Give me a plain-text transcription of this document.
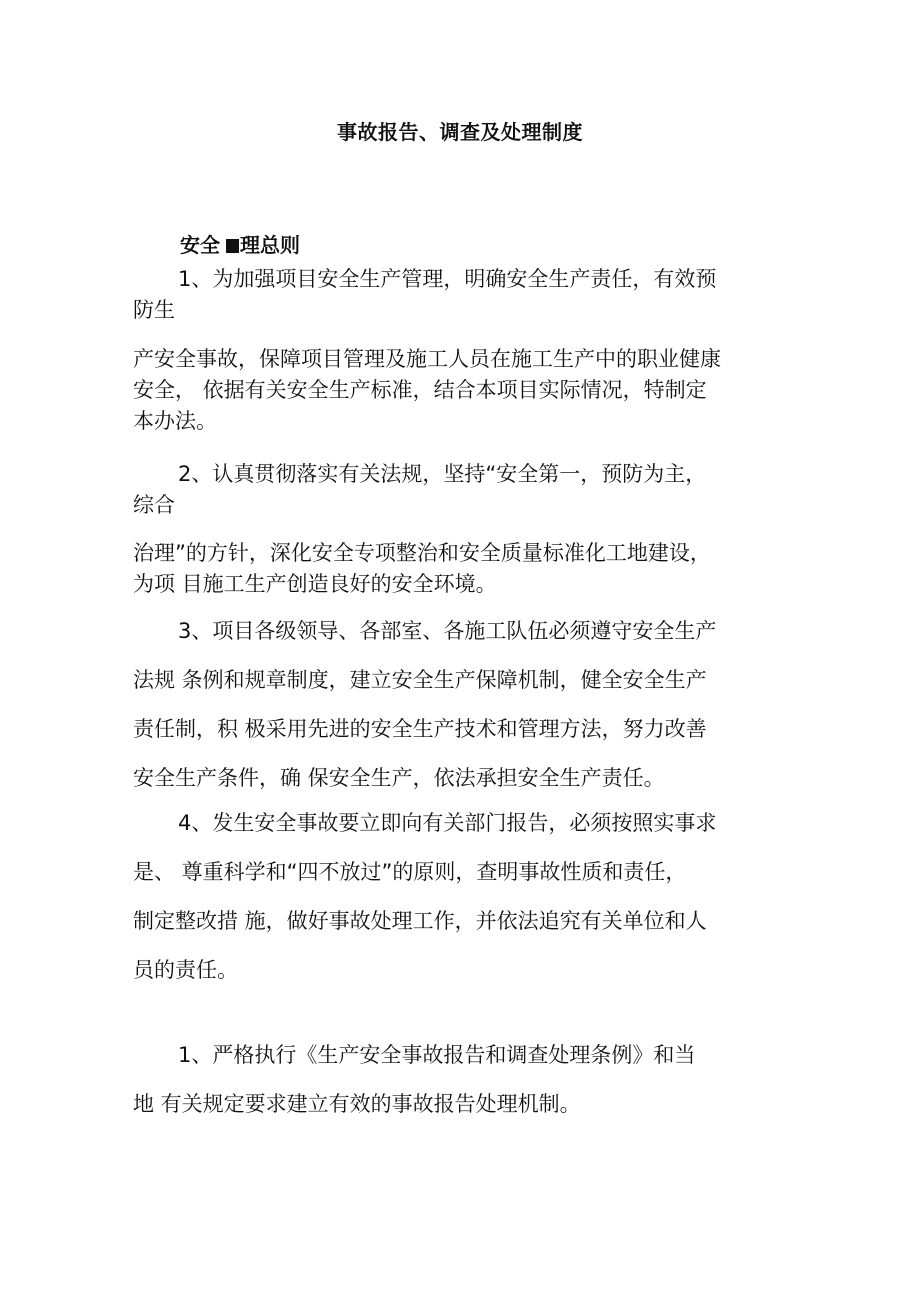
事故报告、调查及处理制度
安全 理总则
1、为加强项目安全生产管理，明确安全生产责任，有效预
防生
产安全事故，保障项目管理及施工人员在施工生产中的职业健康
安全， 依据有关安全生产标准，结合本项目实际情况，特制定
本办法。
2、认真贯彻落实有关法规，坚持“安全第一，预防为主，
综合
治理”的方针，深化安全专项整治和安全质量标准化工地建设，
为项 目施工生产创造良好的安全环境。
3、项目各级领导、各部室、各施工队伍必须遵守安全生产
法规 条例和规章制度，建立安全生产保障机制，健全安全生产
责任制，积 极采用先进的安全生产技术和管理方法，努力改善
安全生产条件，确 保安全生产，依法承担安全生产责任。
4、发生安全事故要立即向有关部门报告，必须按照实事求
是、 尊重科学和“四不放过”的原则，查明事故性质和责任，
制定整改措 施，做好事故处理工作，并依法追究有关单位和人
员的责任。
1、严格执行《生产安全事故报告和调查处理条例》和当
地 有关规定要求建立有效的事故报告处理机制。
